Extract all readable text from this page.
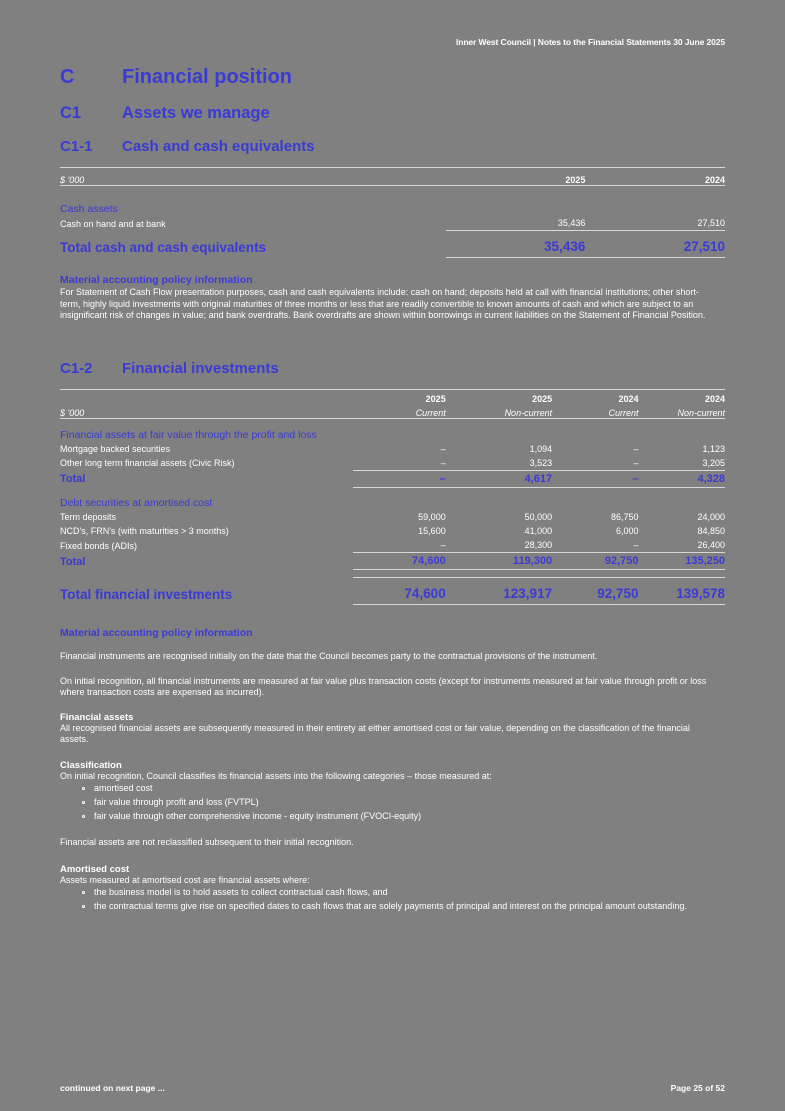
Inner West Council | Notes to the Financial Statements 30 June 2025
C	Financial position
C1	Assets we manage
C1-1	Cash and cash equivalents
$ '000	2025	2024

Cash assets		
Cash on hand and at bank	35,436	27,510
Total cash and cash equivalents	35,436	27,510
Material accounting policy information

For Statement of Cash Flow presentation purposes, cash and cash equivalents include: cash on hand; deposits held at call with financial institutions; other short-term, highly liquid investments with original maturities of three months or less that are readily convertible to known amounts of cash and which are subject to an insignificant risk of changes in value; and bank overdrafts. Bank overdrafts are shown within borrowings in current liabilities on the Statement of Financial Position.

C1-2	Financial investments
	2025	2025	2024	2024
$ '000	Current	Non-current	Current	Non-current
Financial assets at fair value through the profit and loss				
Mortgage backed securities	–	1,094	–	1,123
Other long term financial assets (Civic Risk)	–	3,523	–	3,205
Total	–	4,617	–	4,328
Debt securities at amortised cost				
Term deposits	59,000	50,000	86,750	24,000
NCD's, FRN's (with maturities > 3 months)	15,600	41,000	6,000	84,850
Fixed bonds (ADIs)	–	28,300	–	26,400
Total	74,600	119,300	92,750	135,250

Total financial investments	74,600	123,917	92,750	139,578
Material accounting policy information

Financial instruments are recognised initially on the date that the Council becomes party to the contractual provisions of the instrument.

On initial recognition, all financial instruments are measured at fair value plus transaction costs (except for instruments measured at fair value through profit or loss where transaction costs are expensed as incurred).

Financial assets

All recognised financial assets are subsequently measured in their entirety at either amortised cost or fair value, depending on the classification of the financial assets.

Classification

On initial recognition, Council classifies its financial assets into the following categories – those measured at:

amortised cost
fair value through profit and loss (FVTPL)
fair value through other comprehensive income - equity instrument (FVOCI-equity)

Financial assets are not reclassified subsequent to their initial recognition.

Amortised cost

Assets measured at amortised cost are financial assets where:

the business model is to hold assets to collect contractual cash flows, and
the contractual terms give rise on specified dates to cash flows that are solely payments of principal and interest on the principal amount outstanding.
continued on next page ...	Page 25 of 52
